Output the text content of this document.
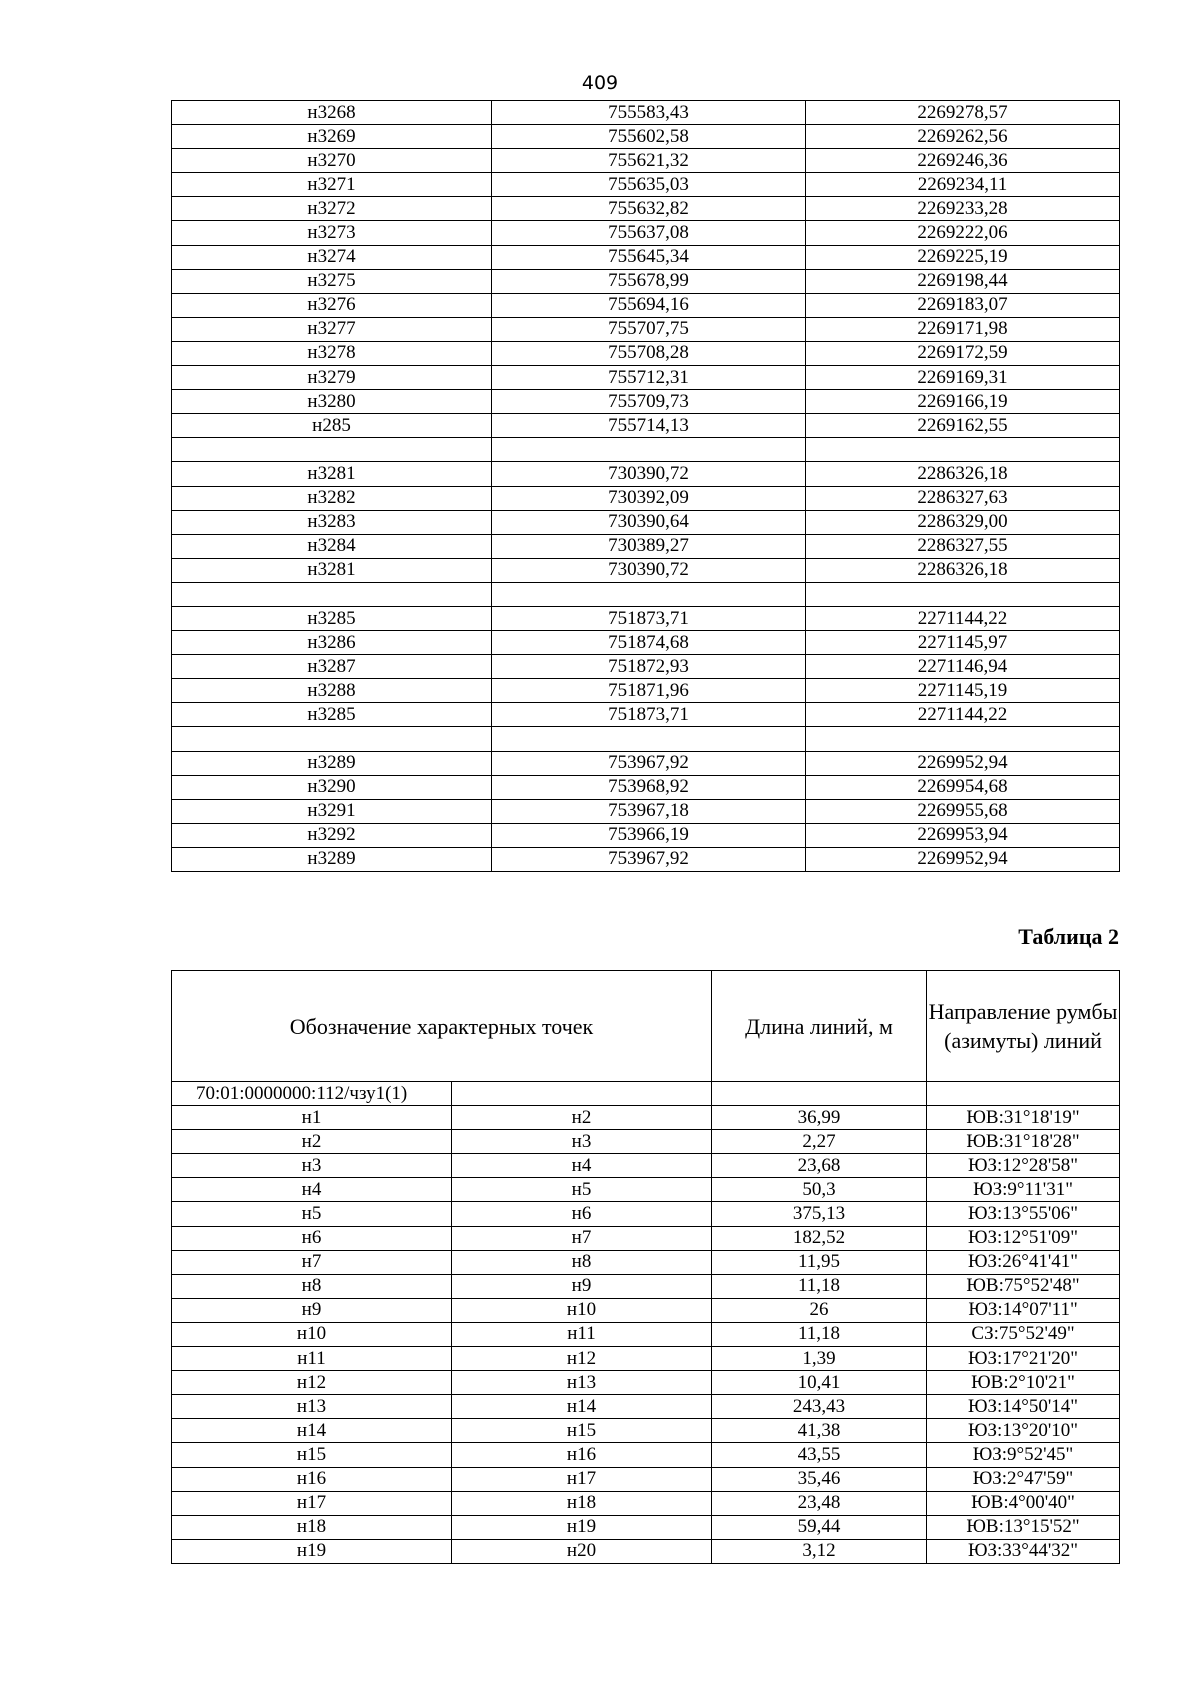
409
н3268	755583,43	2269278,57
н3269	755602,58	2269262,56
н3270	755621,32	2269246,36
н3271	755635,03	2269234,11
н3272	755632,82	2269233,28
н3273	755637,08	2269222,06
н3274	755645,34	2269225,19
н3275	755678,99	2269198,44
н3276	755694,16	2269183,07
н3277	755707,75	2269171,98
н3278	755708,28	2269172,59
н3279	755712,31	2269169,31
н3280	755709,73	2269166,19
н285	755714,13	2269162,55

н3281	730390,72	2286326,18
н3282	730392,09	2286327,63
н3283	730390,64	2286329,00
н3284	730389,27	2286327,55
н3281	730390,72	2286326,18

н3285	751873,71	2271144,22
н3286	751874,68	2271145,97
н3287	751872,93	2271146,94
н3288	751871,96	2271145,19
н3285	751873,71	2271144,22

н3289	753967,92	2269952,94
н3290	753968,92	2269954,68
н3291	753967,18	2269955,68
н3292	753966,19	2269953,94
н3289	753967,92	2269952,94
Таблица 2
Обозначение характерных точек		Длина линий, м	Направление румбы (азимуты) линий
70:01:0000000:112/чзу1(1)			
н1	н2	36,99	ЮВ:31°18'19"
н2	н3	2,27	ЮВ:31°18'28"
н3	н4	23,68	ЮЗ:12°28'58"
н4	н5	50,3	ЮЗ:9°11'31"
н5	н6	375,13	ЮЗ:13°55'06"
н6	н7	182,52	ЮЗ:12°51'09"
н7	н8	11,95	ЮЗ:26°41'41"
н8	н9	11,18	ЮВ:75°52'48"
н9	н10	26	ЮЗ:14°07'11"
н10	н11	11,18	СЗ:75°52'49"
н11	н12	1,39	ЮЗ:17°21'20"
н12	н13	10,41	ЮВ:2°10'21"
н13	н14	243,43	ЮЗ:14°50'14"
н14	н15	41,38	ЮЗ:13°20'10"
н15	н16	43,55	ЮЗ:9°52'45"
н16	н17	35,46	ЮЗ:2°47'59"
н17	н18	23,48	ЮВ:4°00'40"
н18	н19	59,44	ЮВ:13°15'52"
н19	н20	3,12	ЮЗ:33°44'32"
